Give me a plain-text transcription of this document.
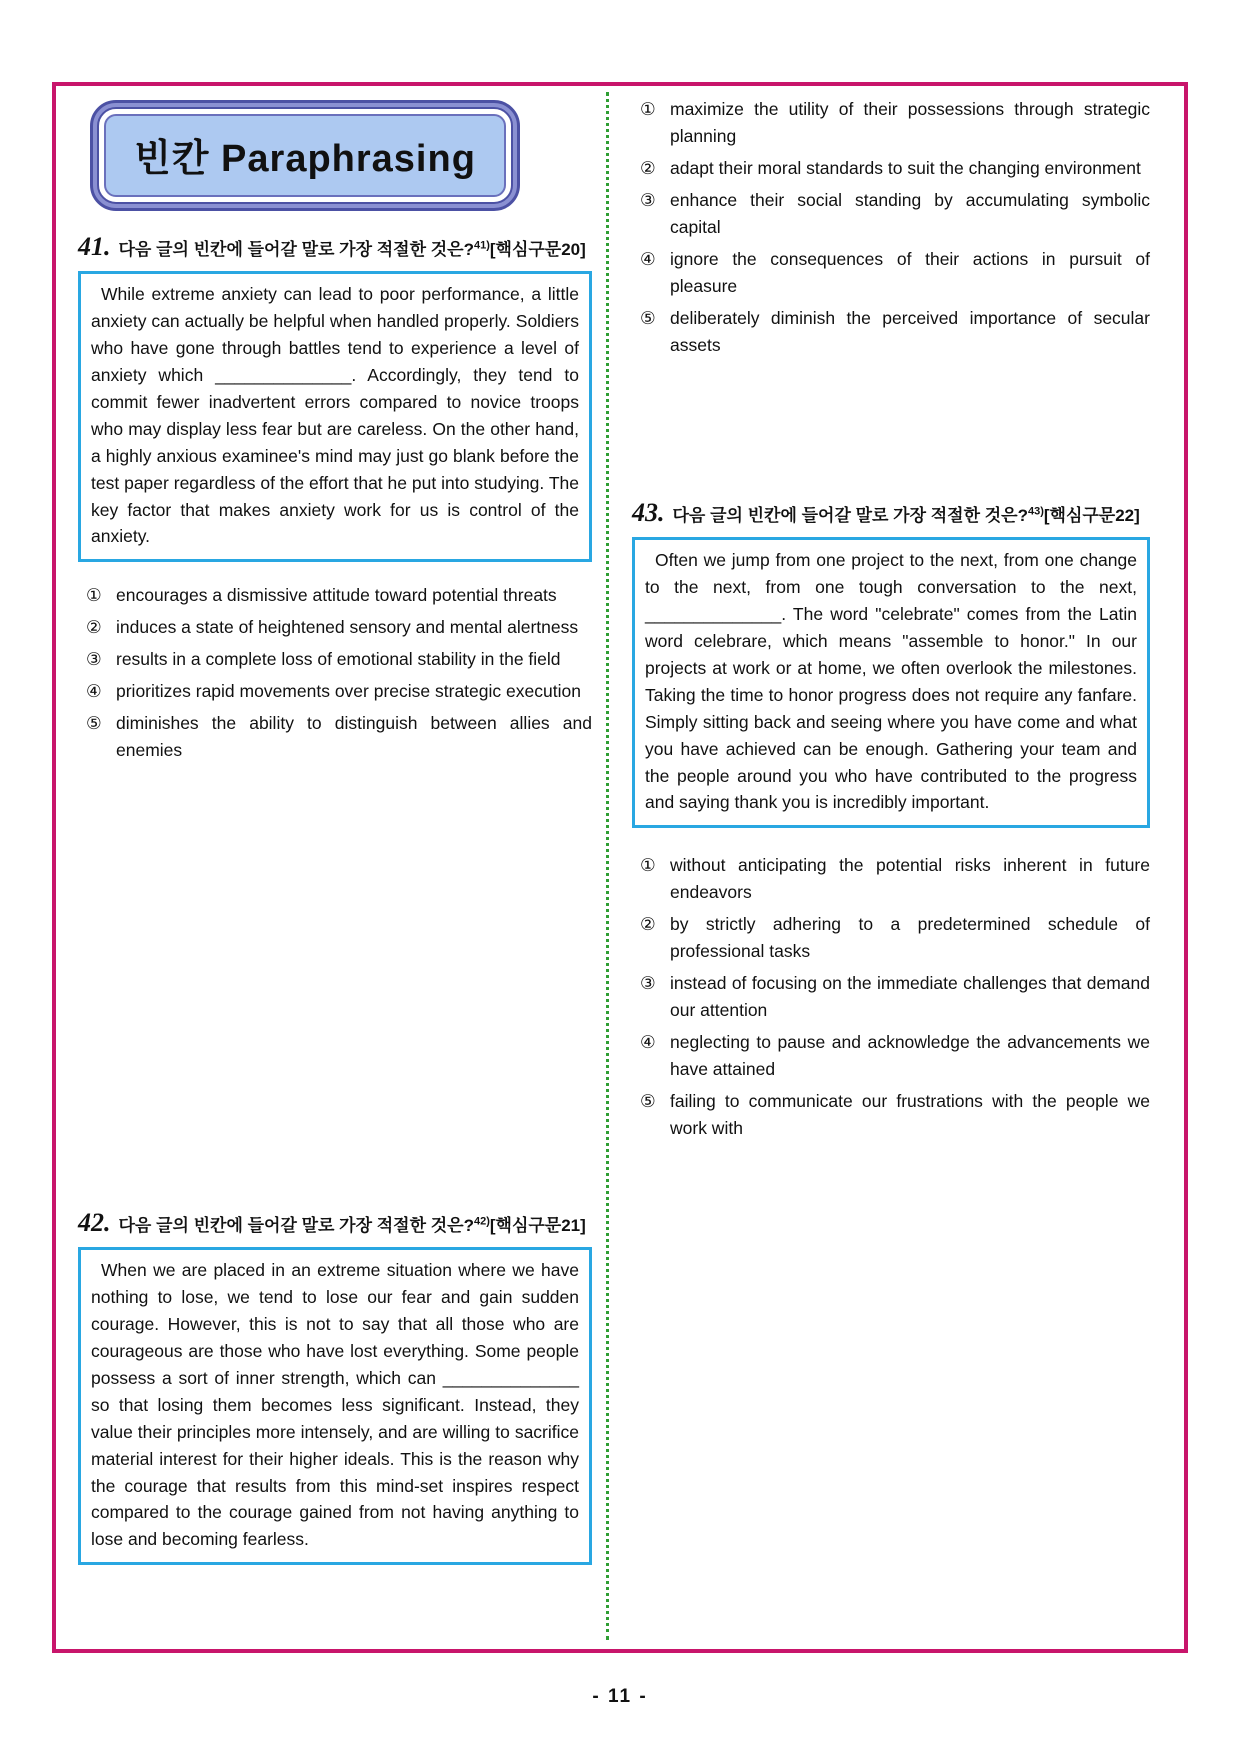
빈칸 Paraphrasing
41. 다음 글의 빈칸에 들어갈 말로 가장 적절한 것은?$^{41)}$[핵심구문20]

While extreme anxiety can lead to poor performance, a little anxiety can actually be helpful when handled properly. Soldiers who have gone through battles tend to experience a level of anxiety which ______________. Accordingly, they tend to commit fewer inadvertent errors compared to novice troops who may display less fear but are careless. On the other hand, a highly anxious examinee's mind may just go blank before the test paper regardless of the effort that he put into studying. The key factor that makes anxiety work for us is control of the anxiety.

① encourages a dismissive attitude toward potential threats
② induces a state of heightened sensory and mental alertness
③ results in a complete loss of emotional stability in the field
④ prioritizes rapid movements over precise strategic execution
⑤ diminishes the ability to distinguish between allies and enemies
42. 다음 글의 빈칸에 들어갈 말로 가장 적절한 것은?$^{42)}$[핵심구문21]

When we are placed in an extreme situation where we have nothing to lose, we tend to lose our fear and gain sudden courage. However, this is not to say that all those who are courageous are those who have lost everything. Some people possess a sort of inner strength, which can ______________ so that losing them becomes less significant. Instead, they value their principles more intensely, and are willing to sacrifice material interest for their higher ideals. This is the reason why the courage that results from this mind-set inspires respect compared to the courage gained from not having anything to lose and becoming fearless.

① maximize the utility of their possessions through strategic planning
② adapt their moral standards to suit the changing environment
③ enhance their social standing by accumulating symbolic capital
④ ignore the consequences of their actions in pursuit of pleasure
⑤ deliberately diminish the perceived importance of secular assets
43. 다음 글의 빈칸에 들어갈 말로 가장 적절한 것은?$^{43)}$[핵심구문22]

Often we jump from one project to the next, from one change to the next, from one tough conversation to the next, ______________. The word "celebrate" comes from the Latin word celebrare, which means "assemble to honor." In our projects at work or at home, we often overlook the milestones. Taking the time to honor progress does not require any fanfare. Simply sitting back and seeing where you have come and what you have achieved can be enough. Gathering your team and the people around you who have contributed to the progress and saying thank you is incredibly important.

① without anticipating the potential risks inherent in future endeavors
② by strictly adhering to a predetermined schedule of professional tasks
③ instead of focusing on the immediate challenges that demand our attention
④ neglecting to pause and acknowledge the advancements we have attained
⑤ failing to communicate our frustrations with the people we work with
- 11 -
